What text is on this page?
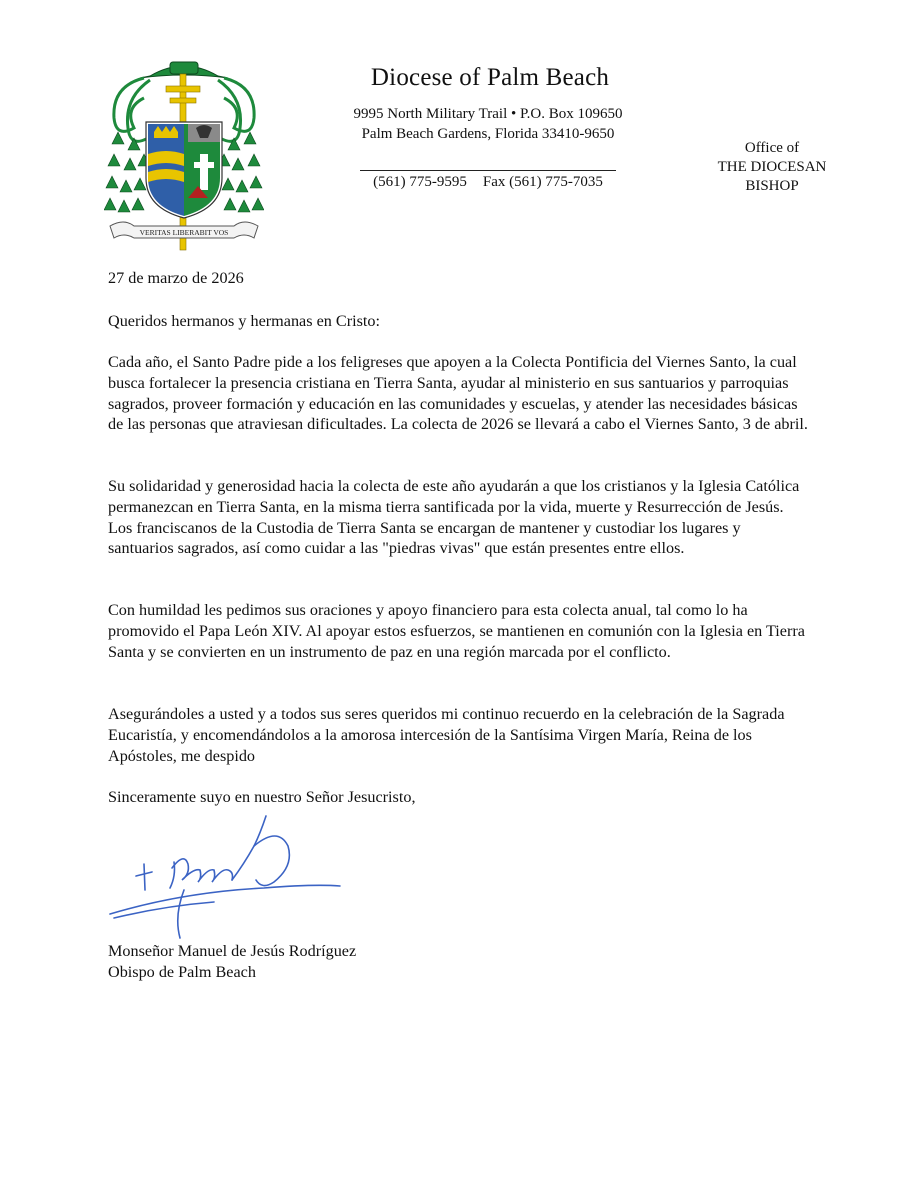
VERITAS LIBERABIT VOS
Diocese of Palm Beach
9995 North Military Trail • P.O. Box 109650
Palm Beach Gardens, Florida 33410-9650
(561) 775-9595 Fax (561) 775-7035
Office of
THE DIOCESAN
BISHOP
27 de marzo de 2026
Queridos hermanos y hermanas en Cristo:
Cada año, el Santo Padre pide a los feligreses que apoyen a la Colecta Pontificia del Viernes Santo, la cual busca fortalecer la presencia cristiana en Tierra Santa, ayudar al ministerio en sus santuarios y parroquias sagrados, proveer formación y educación en las comunidades y escuelas, y atender las necesidades básicas de las personas que atraviesan dificultades. La colecta de 2026 se llevará a cabo el Viernes Santo, 3 de abril.
Su solidaridad y generosidad hacia la colecta de este año ayudarán a que los cristianos y la Iglesia Católica permanezcan en Tierra Santa, en la misma tierra santificada por la vida, muerte y Resurrección de Jesús. Los franciscanos de la Custodia de Tierra Santa se encargan de mantener y custodiar los lugares y santuarios sagrados, así como cuidar a las "piedras vivas" que están presentes entre ellos.
Con humildad les pedimos sus oraciones y apoyo financiero para esta colecta anual, tal como lo ha promovido el Papa León XIV. Al apoyar estos esfuerzos, se mantienen en comunión con la Iglesia en Tierra Santa y se convierten en un instrumento de paz en una región marcada por el conflicto.
Asegurándoles a usted y a todos sus seres queridos mi continuo recuerdo en la celebración de la Sagrada Eucaristía, y encomendándolos a la amorosa intercesión de la Santísima Virgen María, Reina de los Apóstoles, me despido
Sinceramente suyo en nuestro Señor Jesucristo,
Monseñor Manuel de Jesús Rodríguez
Obispo de Palm Beach
